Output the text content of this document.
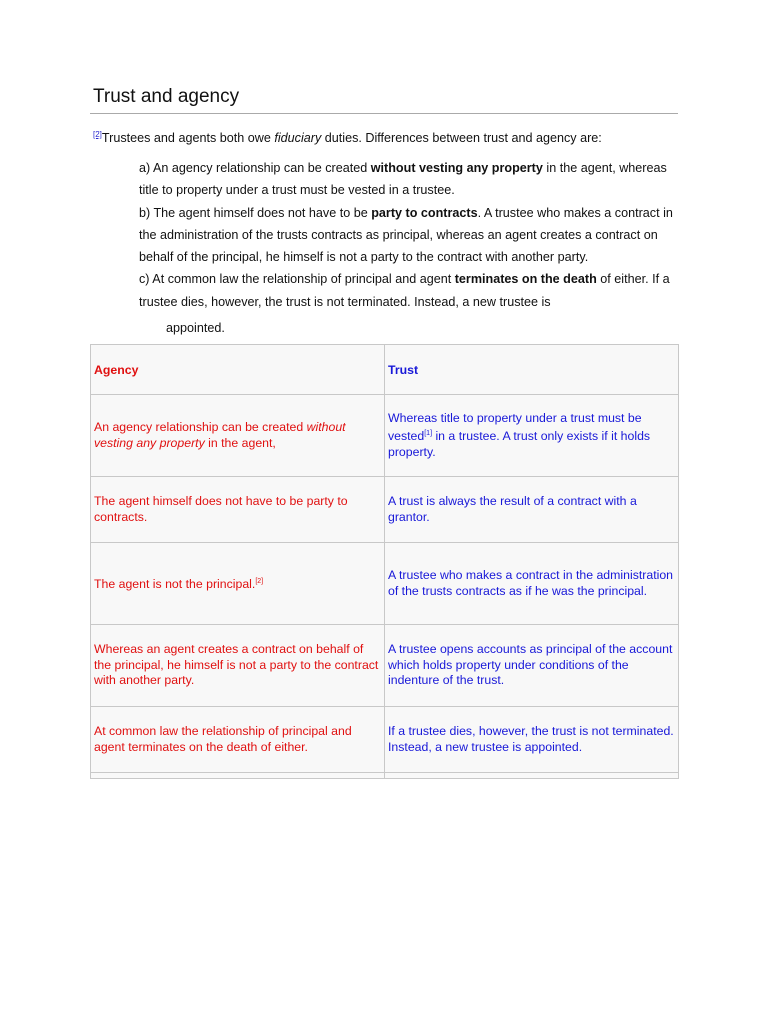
Trust and agency
[2]Trustees and agents both owe fiduciary duties. Differences between trust and agency are:

a) An agency relationship can be created without vesting any property in the agent, whereas title to property under a trust must be vested in a trustee.

b) The agent himself does not have to be party to contracts. A trustee who makes a contract in the administration of the trusts contracts as principal, whereas an agent creates a contract on behalf of the principal, he himself is not a party to the contract with another party.

c) At common law the relationship of principal and agent terminates on the death of either. If a trustee dies, however, the trust is not terminated. Instead, a new trustee is

appointed.
Agency	Trust
An agency relationship can be created without vesting any property in the agent,	Whereas title to property under a trust must be vested[1] in a trustee. A trust only exists if it holds property.
The agent himself does not have to be party to contracts.	A trust is always the result of a contract with a grantor.
The agent is not the principal.[2]	A trustee who makes a contract in the administration of the trusts contracts as if he was the principal.
Whereas an agent creates a contract on behalf of the principal, he himself is not a party to the contract with another party.	A trustee opens accounts as principal of the account which holds property under conditions of the indenture of the trust.
At common law the relationship of principal and agent terminates on the death of either.	If a trustee dies, however, the trust is not terminated. Instead, a new trustee is appointed.
